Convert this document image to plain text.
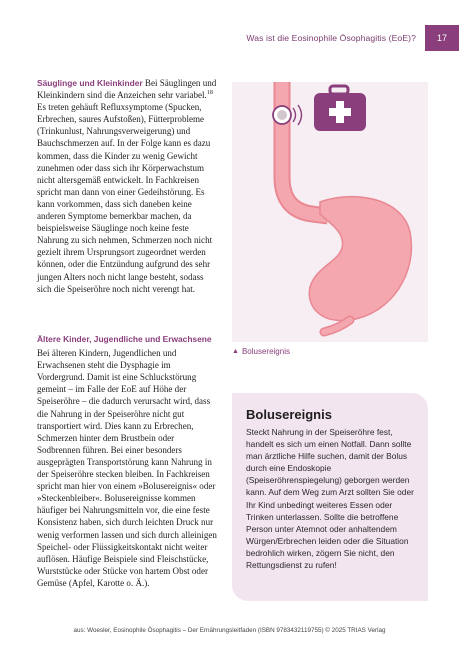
Was ist die Eosinophile Ösophagitis (EoE)?	17

Säuglinge und Kleinkinder Bei Säuglingen und Kleinkindern sind die Anzeichen sehr variabel.$^{18}$ Es treten gehäuft Refluxsymptome (Spucken, Erbrechen, saures Aufstoßen), Fütterprobleme (Trinkunlust, Nahrungsverweigerung) und Bauchschmerzen auf. In der Folge kann es dazu kommen, dass die Kinder zu wenig Gewicht zunehmen oder dass sich ihr Körperwachstum nicht altersgemäß entwickelt. In Fachkreisen spricht man dann von einer Gedeihstörung. Es kann vorkommen, dass sich daneben keine anderen Symptome bemerkbar machen, da beispielsweise Säuglinge noch keine feste Nahrung zu sich nehmen, Schmerzen noch nicht gezielt ihrem Ursprungsort zugeordnet werden können, oder die Entzündung aufgrund des sehr jungen Alters noch nicht lange besteht, sodass sich die Speiseröhre noch nicht verengt hat.

Ältere Kinder, Jugendliche und Erwachsene

Bei älteren Kindern, Jugendlichen und Erwachsenen steht die Dysphagie im Vordergrund. Damit ist eine Schluckstörung gemeint – im Falle der EoE auf Höhe der Speiseröhre – die dadurch verursacht wird, dass die Nahrung in der Speiseröhre nicht gut transportiert wird. Dies kann zu Erbrechen, Schmerzen hinter dem Brustbein oder Sodbrennen führen. Bei einer besonders ausgeprägten Transportstörung kann Nahrung in der Speiseröhre stecken bleiben. In Fachkreisen spricht man hier von einem »Bolusereignis« oder »Steckenbleiber«. Bolusereignisse kommen häufiger bei Nahrungsmitteln vor, die eine feste Konsistenz haben, sich durch leichten Druck nur wenig verformen lassen und sich durch alleinigen Speichel- oder Flüssigkeitskontakt nicht weiter auflösen. Häufige Beispiele sind Fleischstücke, Wurststücke oder Stücke von hartem Obst oder Gemüse (Apfel, Karotte o. Ä.).

▲ Bolusereignis
Bolusereignis
Steckt Nahrung in der Speiseröhre fest, handelt es sich um einen Notfall. Dann sollte man ärztliche Hilfe suchen, damit der Bolus durch eine Endoskopie (Speiseröhrenspiegelung) geborgen werden kann. Auf dem Weg zum Arzt sollten Sie oder Ihr Kind unbedingt weiteres Essen oder Trinken unterlassen. Sollte die betroffene Person unter Atemnot oder anhaltendem Würgen/Erbrechen leiden oder die Situation bedrohlich wirken, zögern Sie nicht, den Rettungsdienst zu rufen!
aus: Woesler, Eosinophile Ösophagitis – Der Ernährungsleitfaden (ISBN 9783432119755) © 2025 TRIAS Verlag
